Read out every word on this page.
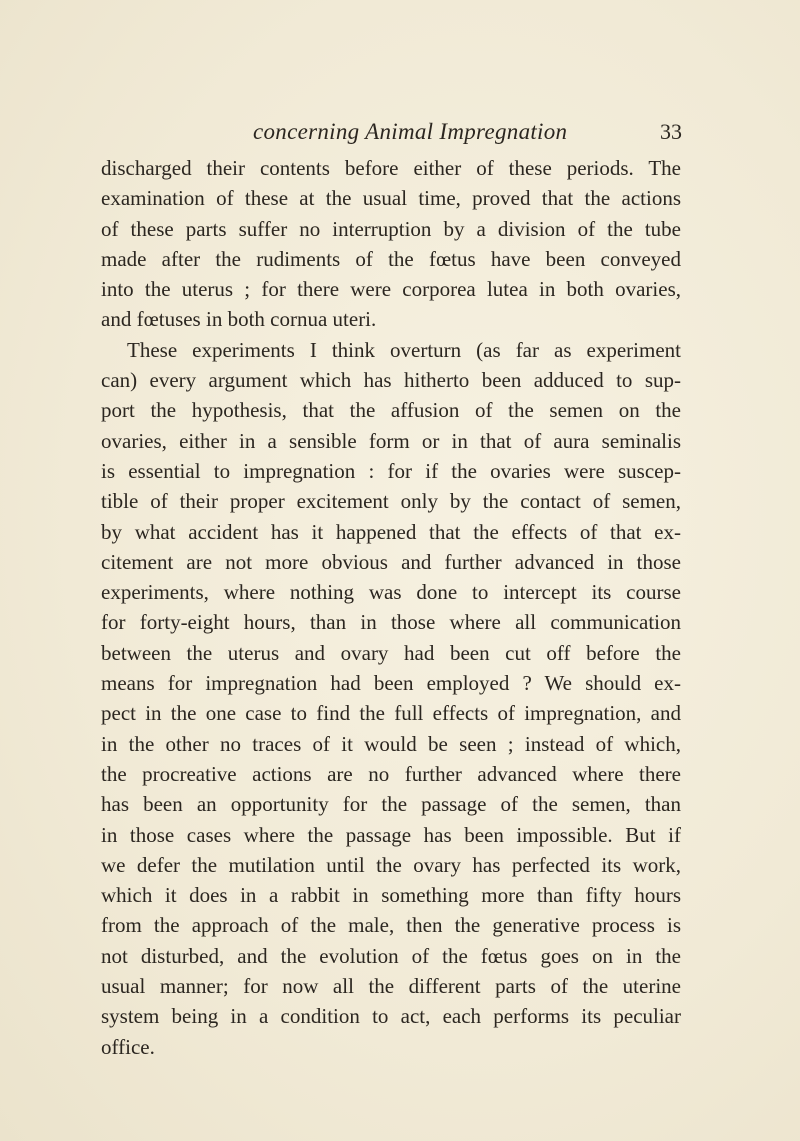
concerning Animal Impregnation	33
discharged their contents before either of these periods. The
examination of these at the usual time, proved that the actions
of these parts suffer no interruption by a division of the tube
made after the rudiments of the fœtus have been conveyed
into the uterus ; for there were corporea lutea in both ovaries,
and fœtuses in both cornua uteri.
These experiments I think overturn (as far as experiment
can) every argument which has hitherto been adduced to sup-
port the hypothesis, that the affusion of the semen on the
ovaries, either in a sensible form or in that of aura seminalis
is essential to impregnation : for if the ovaries were suscep-
tible of their proper excitement only by the contact of semen,
by what accident has it happened that the effects of that ex-
citement are not more obvious and further advanced in those
experiments, where nothing was done to intercept its course
for forty-eight hours, than in those where all communication
between the uterus and ovary had been cut off before the
means for impregnation had been employed ? We should ex-
pect in the one case to find the full effects of impregnation, and
in the other no traces of it would be seen ; instead of which,
the procreative actions are no further advanced where there
has been an opportunity for the passage of the semen, than
in those cases where the passage has been impossible. But if
we defer the mutilation until the ovary has perfected its work,
which it does in a rabbit in something more than fifty hours
from the approach of the male, then the generative process is
not disturbed, and the evolution of the fœtus goes on in the
usual manner; for now all the different parts of the uterine
system being in a condition to act, each performs its peculiar
office.
